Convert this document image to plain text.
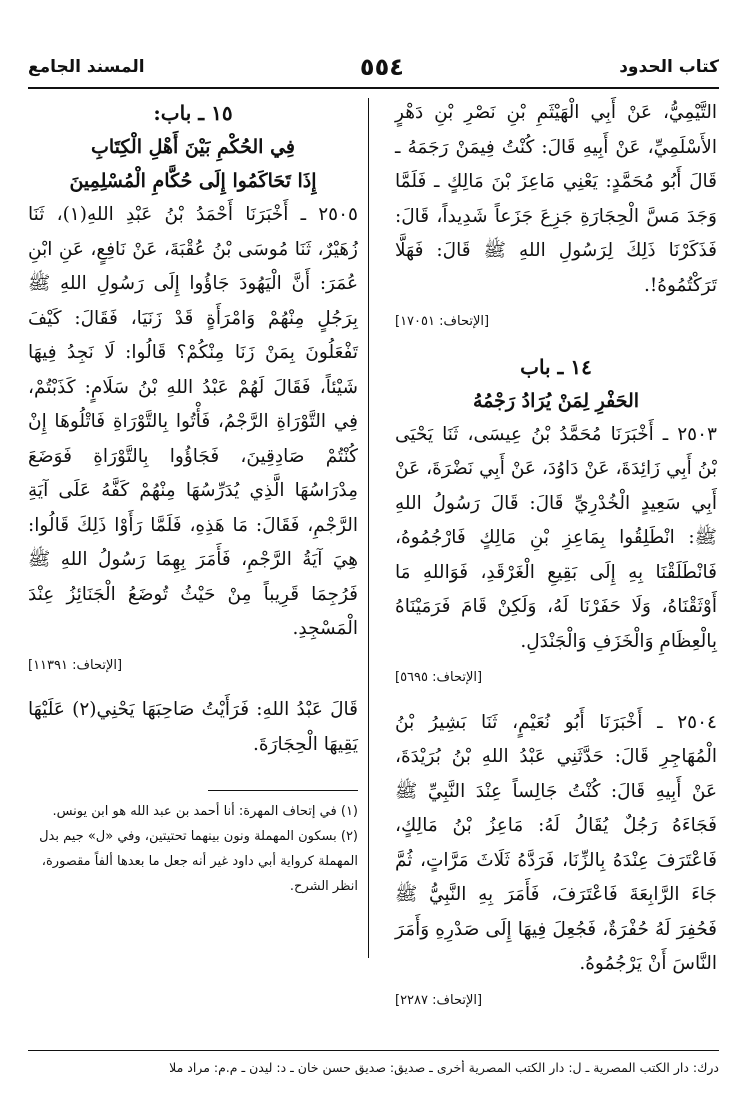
كتاب الحدود
٥٥٤
المسند الجامع

التَّيْمِيُّ، عَنْ أَبِي الْهَيْثَمِ بْنِ نَصْرِ بْنِ دَهْرٍ الأَسْلَمِيِّ، عَنْ أَبِيهِ قَالَ: كُنْتُ فِيمَنْ رَجَمَهُ ـ قَالَ أَبُو مُحَمَّدٍ: يَعْنِي مَاعِزَ بْنَ مَالِكٍ ـ فَلَمَّا وَجَدَ مَسَّ الْحِجَارَةِ جَزِعَ جَزَعاً شَدِيداً، قَالَ: فَذَكَرْنَا ذَلِكَ لِرَسُولِ اللهِ ﷺ قَالَ: فَهَلَّا تَرَكْتُمُوهُ!.

[الإتحاف: ١٧٠٥١]
١٤ ـ باب
الحَفْرِ لِمَنْ يُرَادُ رَجْمُهُ

٢٥٠٣ ـ أَخْبَرَنَا مُحَمَّدُ بْنُ عِيسَى، ثَنَا يَحْيَى بْنُ أَبِي زَائِدَةَ، عَنْ دَاوُدَ، عَنْ أَبِي نَضْرَةَ، عَنْ أَبِي سَعِيدٍ الْخُدْرِيِّ قَالَ: قَالَ رَسُولُ اللهِ ﷺ: انْطَلِقُوا بِمَاعِزِ بْنِ مَالِكٍ فَارْجُمُوهُ، فَانْطَلَقْنَا بِهِ إِلَى بَقِيعِ الْغَرْقَدِ، فَوَاللهِ مَا أَوْثَقْنَاهُ، وَلَا حَفَرْنَا لَهُ، وَلَكِنْ قَامَ فَرَمَيْنَاهُ بِالْعِظَامِ وَالْخَزَفِ وَالْجَنْدَلِ.

[الإتحاف: ٥٦٩٥]

٢٥٠٤ ـ أَخْبَرَنَا أَبُو نُعَيْمٍ، ثَنَا بَشِيرُ بْنُ الْمُهَاجِرِ قَالَ: حَدَّثَنِي عَبْدُ اللهِ بْنُ بُرَيْدَةَ، عَنْ أَبِيهِ قَالَ: كُنْتُ جَالِساً عِنْدَ النَّبِيِّ ﷺ فَجَاءَهُ رَجُلٌ يُقَالُ لَهُ: مَاعِزُ بْنُ مَالِكٍ، فَاعْتَرَفَ عِنْدَهُ بِالزِّنَا، فَرَدَّهُ ثَلَاثَ مَرَّاتٍ، ثُمَّ جَاءَ الرَّابِعَةَ فَاعْتَرَفَ، فَأَمَرَ بِهِ النَّبِيُّ ﷺ فَحُفِرَ لَهُ حُفْرَةٌ، فَجُعِلَ فِيهَا إِلَى صَدْرِهِ وَأَمَرَ النَّاسَ أَنْ يَرْجُمُوهُ.

[الإتحاف: ٢٢٨٧]
١٥ ـ باب:
فِي الحُكْمِ بَيْنَ أَهْلِ الْكِتَابِ
إِذَا تَحَاكَمُوا إِلَى حُكَّامِ الْمُسْلِمِينَ

٢٥٠٥ ـ أَخْبَرَنَا أَحْمَدُ بْنُ عَبْدِ اللهِ(١)، ثَنَا زُهَيْرٌ، ثَنَا مُوسَى بْنُ عُقْبَةَ، عَنْ نَافِعٍ، عَنِ ابْنِ عُمَرَ: أَنَّ الْيَهُودَ جَاؤُوا إِلَى رَسُولِ اللهِ ﷺ بِرَجُلٍ مِنْهُمْ وَامْرَأَةٍ قَدْ زَنَيَا، فَقَالَ: كَيْفَ تَفْعَلُونَ بِمَنْ زَنَا مِنْكُمْ؟ قَالُوا: لَا نَجِدُ فِيهَا شَيْئاً، فَقَالَ لَهُمْ عَبْدُ اللهِ بْنُ سَلَامٍ: كَذَبْتُمْ، فِي التَّوْرَاةِ الرَّجْمُ، فَأْتُوا بِالتَّوْرَاةِ فَاتْلُوهَا إِنْ كُنْتُمْ صَادِقِينَ، فَجَاؤُوا بِالتَّوْرَاةِ فَوَضَعَ مِدْرَاسُهَا الَّذِي يُدَرِّسُهَا مِنْهُمْ كَفَّهُ عَلَى آيَةِ الرَّجْمِ، فَقَالَ: مَا هَذِهِ، فَلَمَّا رَأَوْا ذَلِكَ قَالُوا: هِيَ آيَةُ الرَّجْمِ، فَأَمَرَ بِهِمَا رَسُولُ اللهِ ﷺ فَرُجِمَا قَرِيباً مِنْ حَيْثُ تُوضَعُ الْجَنَائِزُ عِنْدَ الْمَسْجِدِ.

[الإتحاف: ١١٣٩١]

قَالَ عَبْدُ اللهِ: فَرَأَيْتُ صَاحِبَهَا يَحْنِي(٢) عَلَيْهَا يَقِيهَا الْحِجَارَةَ.

(١) في إتحاف المهرة: أنا أحمد بن عبد الله هو ابن يونس.
(٢) بسكون المهملة ونون بينهما تحتيتين، وفي «ل» جيم بدل المهملة كرواية أبي داود غير أنه جعل ما بعدها ألفاً مقصورة، انظر الشرح.
درك: دار الكتب المصرية ـ ل: دار الكتب المصرية أخرى ـ صديق: صديق حسن خان ـ د: ليدن ـ م.م: مراد ملا
